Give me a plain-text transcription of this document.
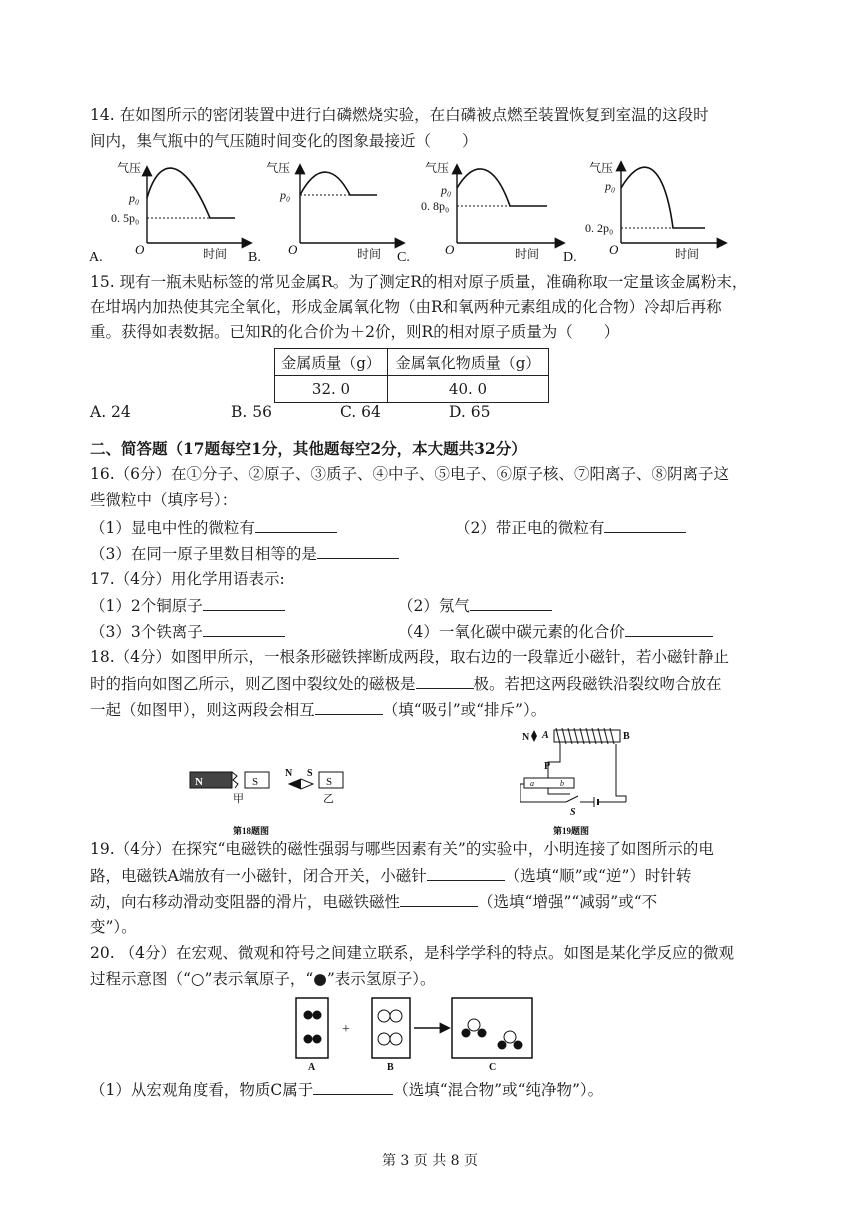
14. 在如图所示的密闭装置中进行白磷燃烧实验，在白磷被点燃至装置恢复到室温的这段时
间内，集气瓶中的气压随时间变化的图象最接近（　　）
A.
气压
p₀
0. 5p₀
O	时间 B.
气压
p₀
O	时间 C.
气压
p₀
0. 8p₀
O	时间 D.
气压
p₀
0. 2p₀
O	时间
15. 现有一瓶未贴标签的常见金属R。为了测定R的相对原子质量，准确称取一定量该金属粉末，
在坩埚内加热使其完全氧化，形成金属氧化物（由R和氧两种元素组成的化合物）冷却后再称
重。获得如表数据。已知R的化合价为＋2价，则R的相对原子质量为（　　）
金属质量（g）	金属氧化物质量（g）
32. 0	40. 0
A. 24	B. 56	C. 64	D. 65
二、简答题（17题每空1分，其他题每空2分，本大题共32分）
16.（6分）在①分子、②原子、③质子、④中子、⑤电子、⑥原子核、⑦阳离子、⑧阴离子这
些微粒中（填序号）：
（1）显电中性的微粒有	（2）带正电的微粒有
（3）在同一原子里数目相等的是
17.（4分）用化学用语表示:
（1）2个铜原子	（2）氖气
（3）3个铁离子	（4）一氧化碳中碳元素的化合价
18.（4分）如图甲所示，一根条形磁铁摔断成两段，取右边的一段靠近小磁针，若小磁针静止
时的指向如图乙所示，则乙图中裂纹处的磁极是	极。若把这两段磁铁沿裂纹吻合放在
一起（如图甲），则这两段会相互	（填“吸引”或“排斥”）。
N	S
甲
N S
S
乙
第18题图
N A	B
P
a	b
S
第19题图
19.（4分）在探究“电磁铁的磁性强弱与哪些因素有关”的实验中，小明连接了如图所示的电
路，电磁铁A端放有一小磁针，闭合开关，小磁针	（选填“顺”或“逆”）时针转
动，向右移动滑动变阻器的滑片，电磁铁磁性	（选填“增强”“减弱”或“不
变”）。
20. （4分）在宏观、微观和符号之间建立联系，是科学学科的特点。如图是某化学反应的微观
过程示意图（“○”表示氧原子，“●”表示氢原子）。
A
+
B	C
（1）从宏观角度看，物质C属于	（选填“混合物”或“纯净物”）。
第 3 页 共 8 页
